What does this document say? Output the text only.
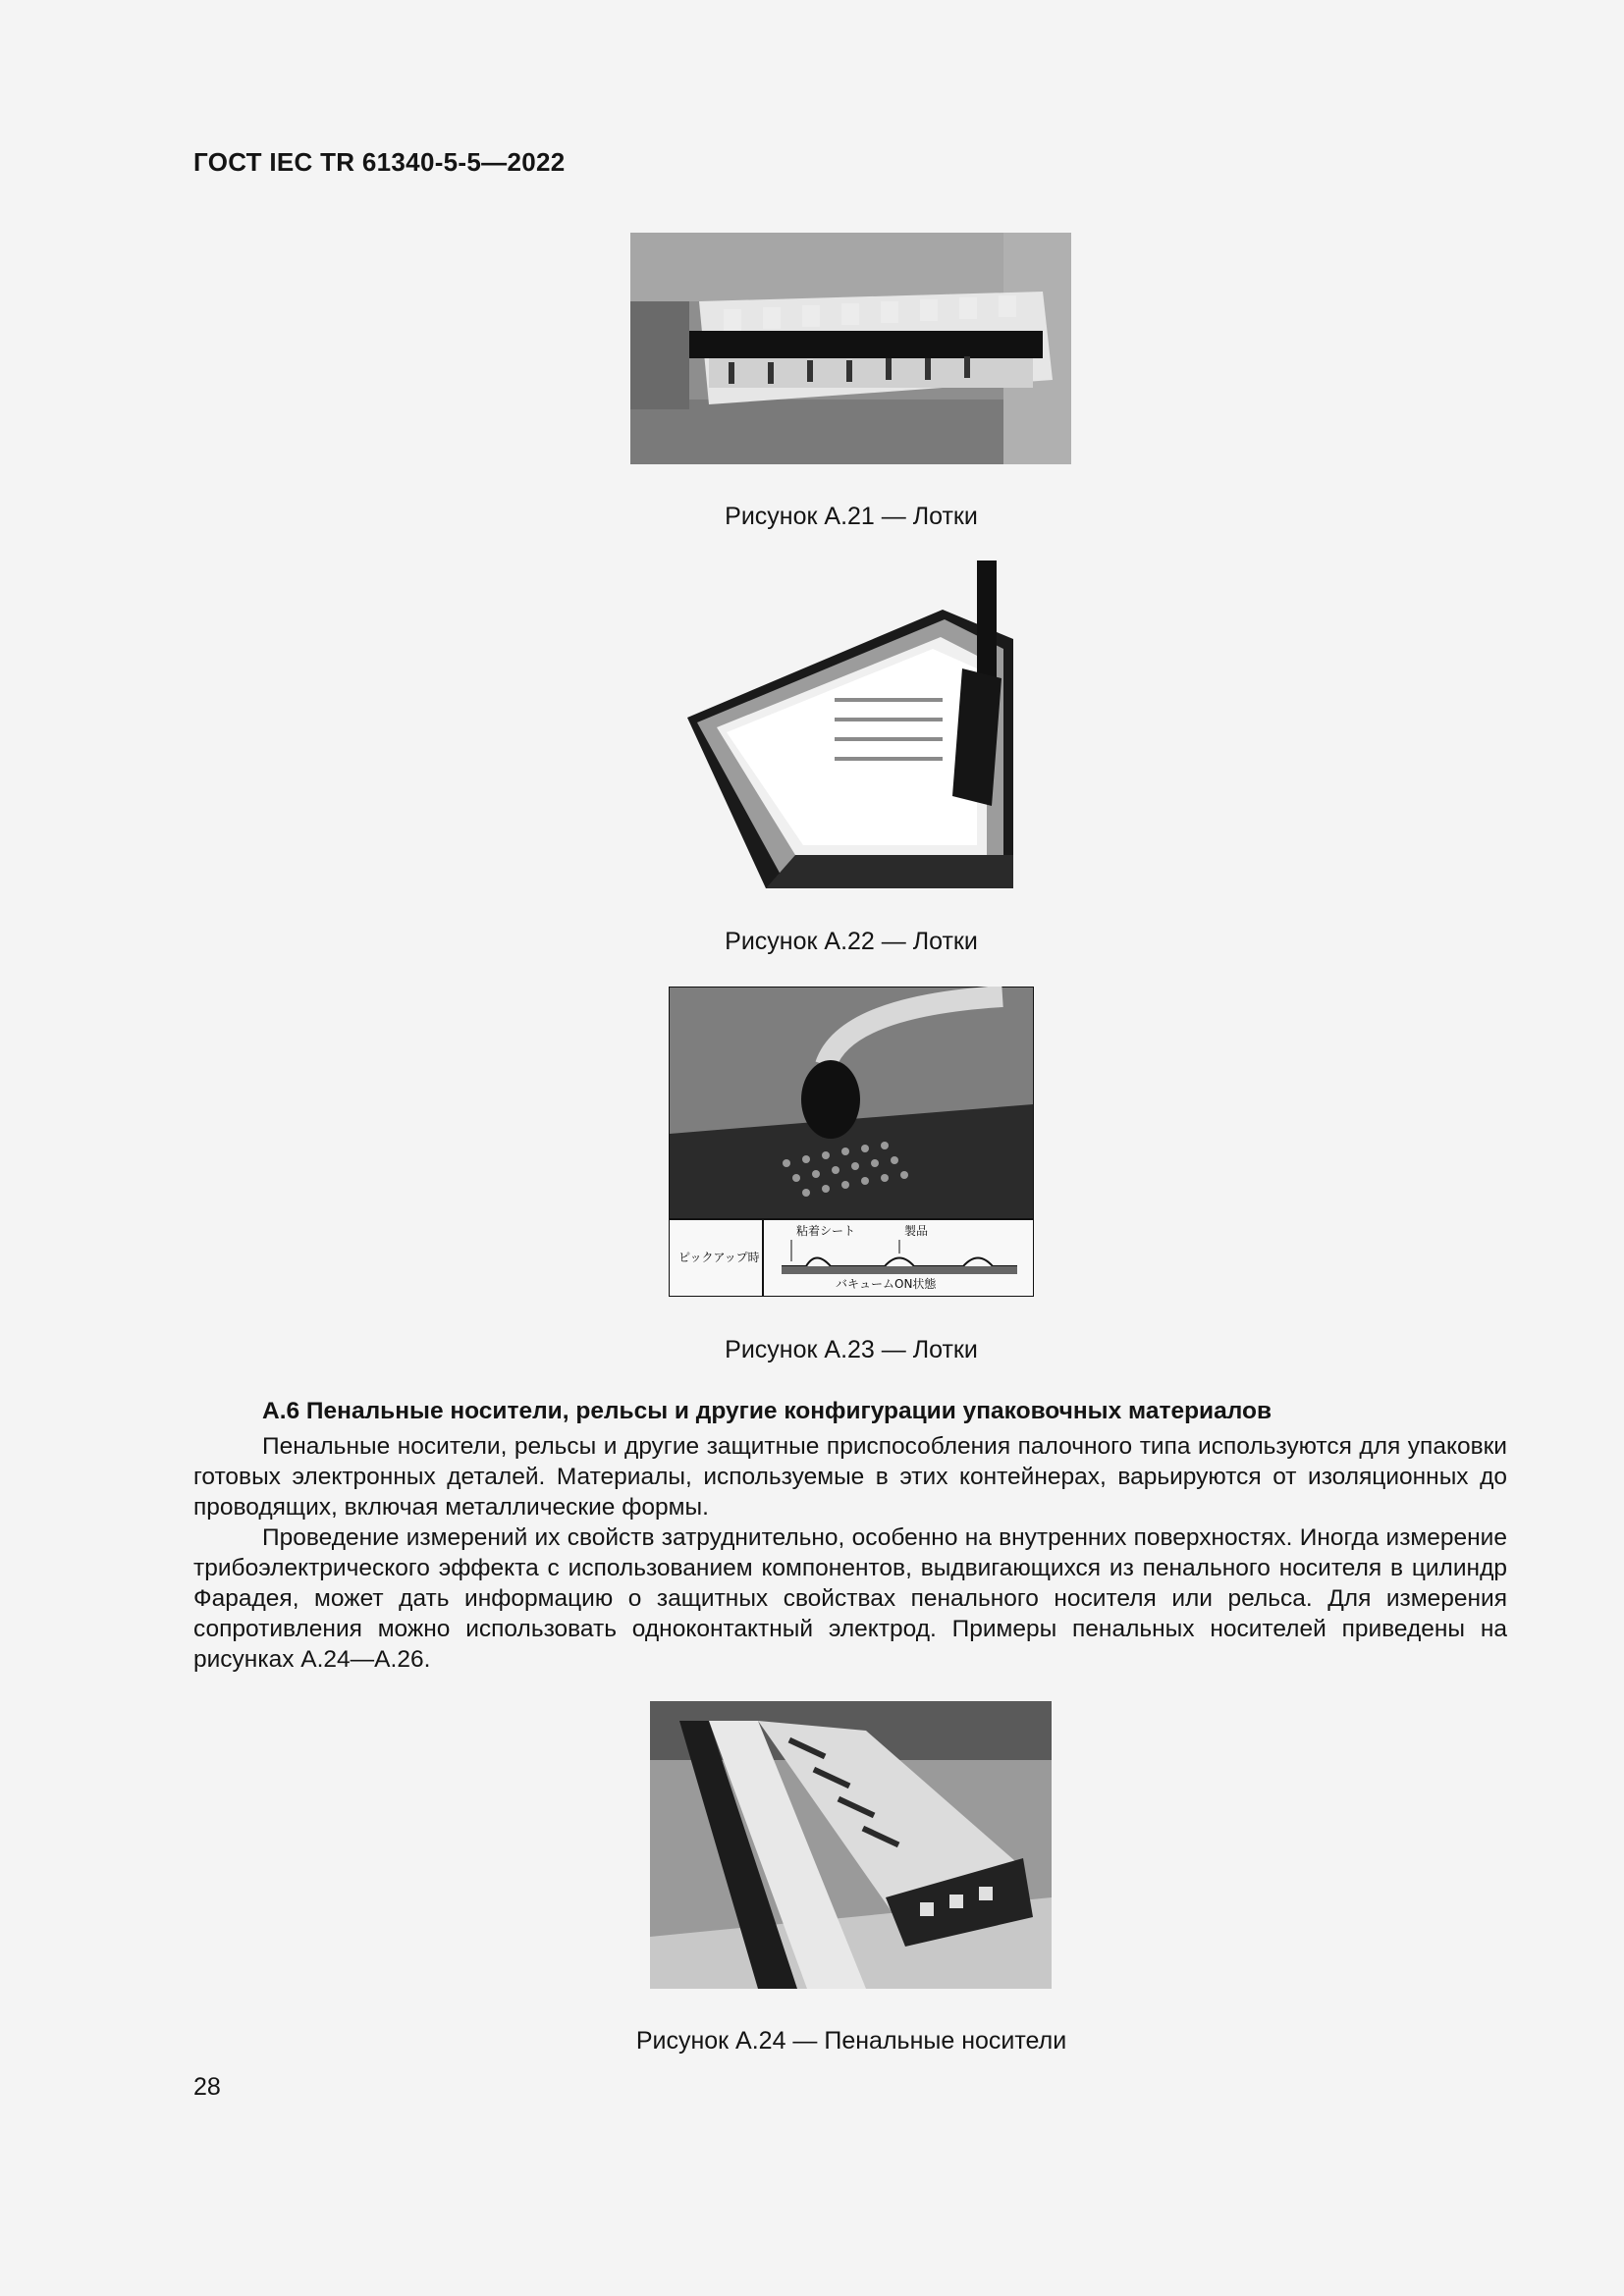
ГОСТ IEC TR 61340-5-5—2022
Рисунок А.21 — Лотки
Рисунок А.22 — Лотки
ピックアップ時
粘着シート	製品
バキュームON状態
Рисунок А.23 — Лотки
А.6 Пенальные носители, рельсы и другие конфигурации упаковочных материалов

Пенальные носители, рельсы и другие защитные приспособления палочного типа используются для упаковки готовых электронных деталей. Материалы, используемые в этих контейнерах, варьируются от изоляционных до проводящих, включая металлические формы.

Проведение измерений их свойств затруднительно, особенно на внутренних поверхностях. Иногда измерение трибоэлектрического эффекта с использованием компонентов, выдвигающихся из пенального носителя в цилиндр Фарадея, может дать информацию о защитных свойствах пенального носителя или рельса. Для измерения сопротивления можно использовать одноконтактный электрод. Примеры пенальных носителей приведены на рисунках А.24—А.26.

Рисунок А.24 — Пенальные носители
28
